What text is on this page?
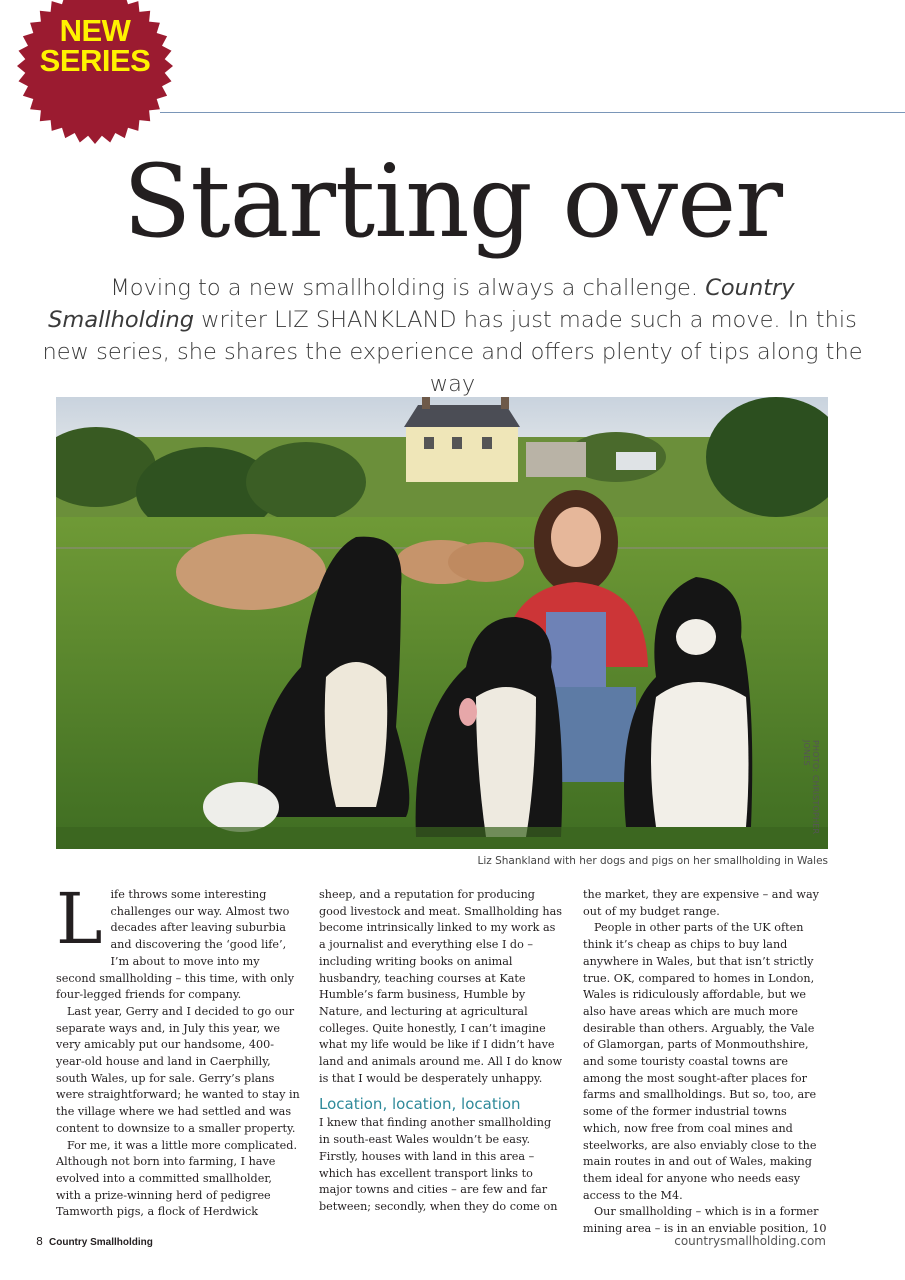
NEW
SERIES
Starting over
Moving to a new smallholding is always a challenge. Country Smallholding writer LIZ SHANKLAND has just made such a move. In this new series, she shares the experience and offers plenty of tips along the way
PHOTO: CHRISTOPHER JONES
Liz Shankland with her dogs and pigs on her smallholding in Wales
L ife throws some interesting challenges our way. Almost two decades after leaving suburbia and discovering the ‘good life’, I’m about to move into my second smallholding – this time, with only four-legged friends for company.

Last year, Gerry and I decided to go our separate ways and, in July this year, we very amicably put our handsome, 400-year-old house and land in Caerphilly, south Wales, up for sale. Gerry’s plans were straightforward; he wanted to stay in the village where we had settled and was content to downsize to a smaller property.

For me, it was a little more complicated. Although not born into farming, I have evolved into a committed smallholder, with a prize-winning herd of pedigree Tamworth pigs, a flock of Herdwick

sheep, and a reputation for producing good livestock and meat. Smallholding has become intrinsically linked to my work as a journalist and everything else I do – including writing books on animal husbandry, teaching courses at Kate Humble’s farm business, Humble by Nature, and lecturing at agricultural colleges. Quite honestly, I can’t imagine what my life would be like if I didn’t have land and animals around me. All I do know is that I would be desperately unhappy.

Location, location, location

I knew that finding another smallholding in south-east Wales wouldn’t be easy. Firstly, houses with land in this area – which has excellent transport links to major towns and cities – are few and far between; secondly, when they do come on

the market, they are expensive – and way out of my budget range.

People in other parts of the UK often think it’s cheap as chips to buy land anywhere in Wales, but that isn’t strictly true. OK, compared to homes in London, Wales is ridiculously affordable, but we also have areas which are much more desirable than others. Arguably, the Vale of Glamorgan, parts of Monmouthshire, and some touristy coastal towns are among the most sought-after places for farms and smallholdings. But so, too, are some of the former industrial towns which, now free from coal mines and steelworks, are also enviably close to the main routes in and out of Wales, making them ideal for anyone who needs easy access to the M4.

Our smallholding – which is in a former mining area – is in an enviable position, 10

8 Country Smallholding	countrysmallholding.com
